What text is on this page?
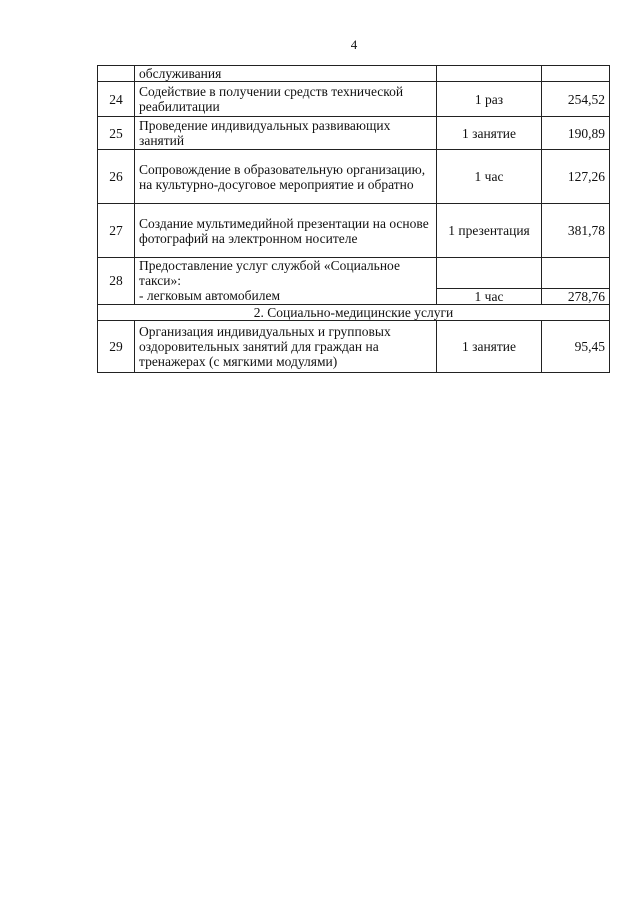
4
	обслуживания		
24	Содействие в получении средств технической реабилитации	1 раз	254,52
25	Проведение индивидуальных развивающих занятий	1 занятие	190,89
26	Сопровождение в образовательную организацию, на культурно-досуговое мероприятие и обратно	1 час	127,26
27	Создание мультимедийной презентации на основе фотографий на электронном носителе	1 презентация	381,78
28	Предоставление услуг службой «Социальное такси»:		
	- легковым автомобилем	1 час	278,76
2. Социально-медицинские услуги			
29	Организация индивидуальных и групповых оздоровительных занятий для граждан на тренажерах (с мягкими модулями)	1 занятие	95,45
